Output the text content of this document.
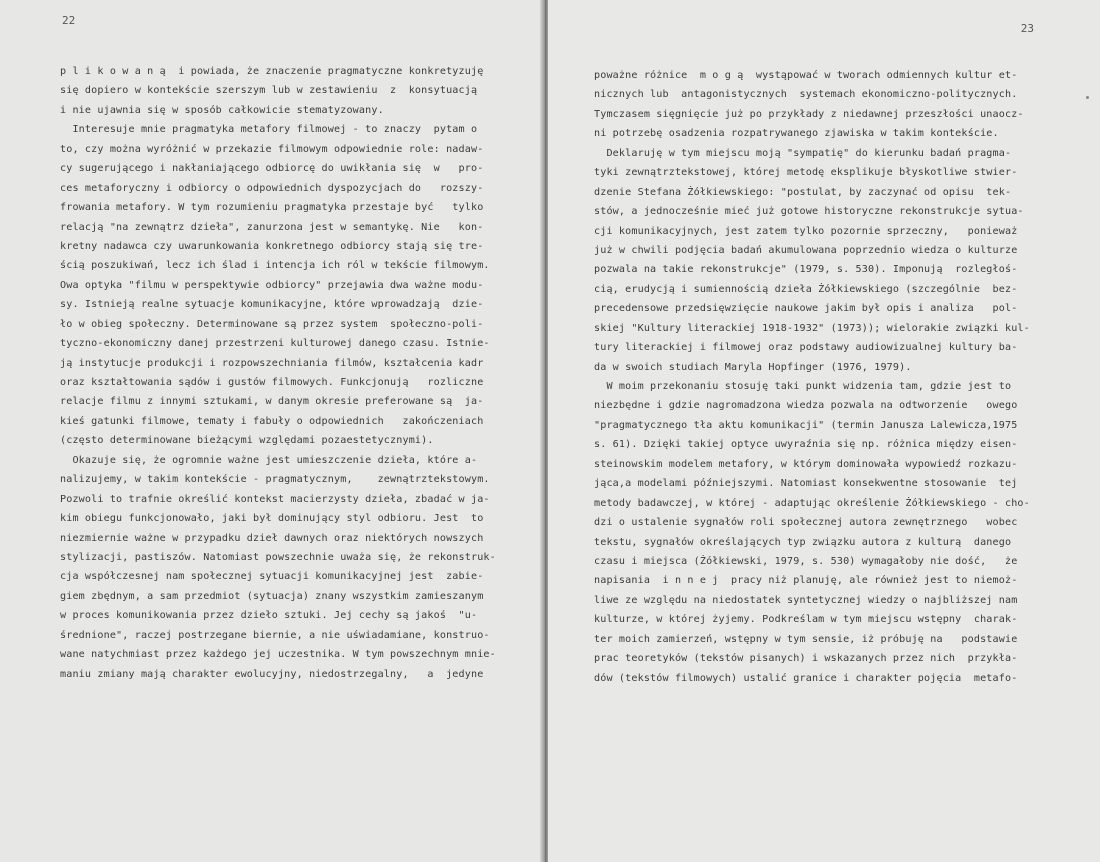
22
p l i k o w a n ą  i powiada, że znaczenie pragmatyczne konkretyzuję
się dopiero w kontekście szerszym lub w zestawieniu  z  konsytuacją
i nie ujawnia się w sposób całkowicie stematyzowany.
Interesuje mnie pragmatyka metafory filmowej - to znaczy  pytam o
to, czy można wyróżnić w przekazie filmowym odpowiednie role: nadaw-
cy sugerującego i nakłaniającego odbiorcę do uwikłania się  w   pro-
ces metaforyczny i odbiorcy o odpowiednich dyspozycjach do   rozszy-
frowania metafory. W tym rozumieniu pragmatyka przestaje być   tylko
relacją "na zewnątrz dzieła", zanurzona jest w semantykę. Nie   kon-
kretny nadawca czy uwarunkowania konkretnego odbiorcy stają się tre-
ścią poszukiwań, lecz ich ślad i intencja ich ról w tekście filmowym.
Owa optyka "filmu w perspektywie odbiorcy" przejawia dwa ważne modu-
sy. Istnieją realne sytuacje komunikacyjne, które wprowadzają  dzie-
ło w obieg społeczny. Determinowane są przez system  społeczno-poli-
tyczno-ekonomiczny danej przestrzeni kulturowej danego czasu. Istnie-
ją instytucje produkcji i rozpowszechniania filmów, kształcenia kadr
oraz kształtowania sądów i gustów filmowych. Funkcjonują   rozliczne
relacje filmu z innymi sztukami, w danym okresie preferowane są  ja-
kieś gatunki filmowe, tematy i fabuły o odpowiednich   zakończeniach
(często determinowane bieżącymi względami pozaestetycznymi).
Okazuje się, że ogromnie ważne jest umieszczenie dzieła, które a-
nalizujemy, w takim kontekście - pragmatycznym,    zewnątrztekstowym.
Pozwoli to trafnie określić kontekst macierzysty dzieła, zbadać w ja-
kim obiegu funkcjonowało, jaki był dominujący styl odbioru. Jest  to
niezmiernie ważne w przypadku dzieł dawnych oraz niektórych nowszych
stylizacji, pastiszów. Natomiast powszechnie uważa się, że rekonstruk-
cja współczesnej nam społecznej sytuacji komunikacyjnej jest  zabie-
giem zbędnym, a sam przedmiot (sytuacja) znany wszystkim zamieszanym
w proces komunikowania przez dzieło sztuki. Jej cechy są jakoś  "u-
średnione", raczej postrzegane biernie, a nie uświadamiane, konstruo-
wane natychmiast przez każdego jej uczestnika. W tym powszechnym mnie-
maniu zmiany mają charakter ewolucyjny, niedostrzegalny,   a  jedyne
23
poważne różnice  m o g ą  wystąpować w tworach odmiennych kultur et-
nicznych lub  antagonistycznych  systemach ekonomiczno-politycznych.
Tymczasem sięgnięcie już po przykłady z niedawnej przeszłości unaocz-
ni potrzebę osadzenia rozpatrywanego zjawiska w takim kontekście.
Deklaruję w tym miejscu moją "sympatię" do kierunku badań pragma-
tyki zewnątrztekstowej, której metodę eksplikuje błyskotliwe stwier-
dzenie Stefana Żółkiewskiego: "postulat, by zaczynać od opisu  tek-
stów, a jednocześnie mieć już gotowe historyczne rekonstrukcje sytua-
cji komunikacyjnych, jest zatem tylko pozornie sprzeczny,   ponieważ
już w chwili podjęcia badań akumulowana poprzednio wiedza o kulturze
pozwala na takie rekonstrukcje" (1979, s. 530). Imponują  rozległoś-
cią, erudycją i sumiennością dzieła Żółkiewskiego (szczególnie  bez-
precedensowe przedsięwzięcie naukowe jakim był opis i analiza   pol-
skiej "Kultury literackiej 1918-1932" (1973)); wielorakie związki kul-
tury literackiej i filmowej oraz podstawy audiowizualnej kultury ba-
da w swoich studiach Maryla Hopfinger (1976, 1979).
W moim przekonaniu stosuję taki punkt widzenia tam, gdzie jest to
niezbędne i gdzie nagromadzona wiedza pozwala na odtworzenie   owego
"pragmatycznego tła aktu komunikacji" (termin Janusza Lalewicza,1975
s. 61). Dzięki takiej optyce uwyraźnia się np. różnica między eisen-
steinowskim modelem metafory, w którym dominowała wypowiedź rozkazu-
jąca,a modelami późniejszymi. Natomiast konsekwentne stosowanie  tej
metody badawczej, w której - adaptując określenie Żółkiewskiego - cho-
dzi o ustalenie sygnałów roli społecznej autora zewnętrznego   wobec
tekstu, sygnałów określających typ związku autora z kulturą  danego
czasu i miejsca (Żółkiewski, 1979, s. 530) wymagałoby nie dość,   że
napisania  i n n e j  pracy niż planuję, ale również jest to niemoż-
liwe ze względu na niedostatek syntetycznej wiedzy o najbliższej nam
kulturze, w której żyjemy. Podkreślam w tym miejscu wstępny  charak-
ter moich zamierzeń, wstępny w tym sensie, iż próbuję na   podstawie
prac teoretyków (tekstów pisanych) i wskazanych przez nich  przykła-
dów (tekstów filmowych) ustalić granice i charakter pojęcia  metafo-
